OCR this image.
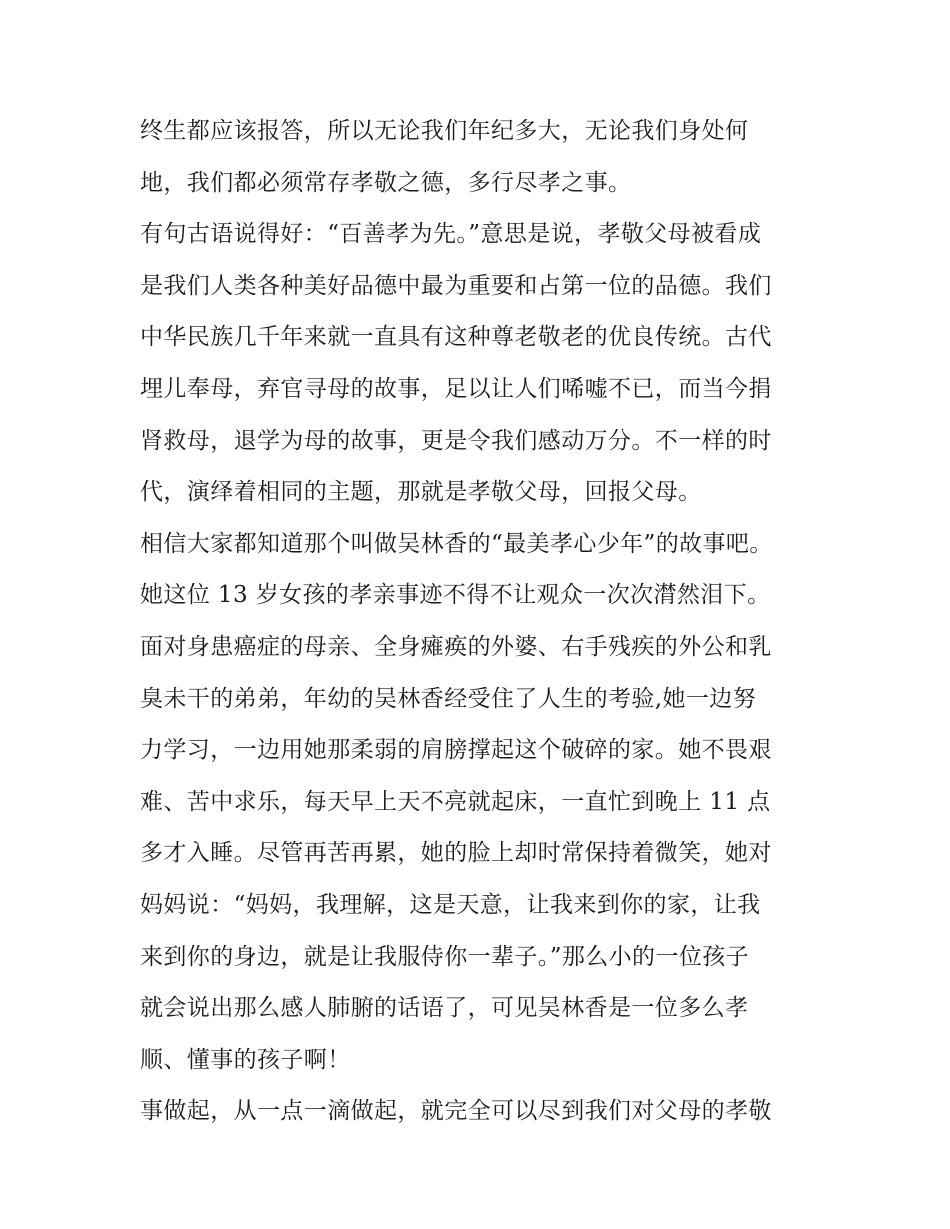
终生都应该报答，所以无论我们年纪多大，无论我们身处何
地，我们都必须常存孝敬之德，多行尽孝之事。
有句古语说得好：“百善孝为先。”意思是说，孝敬父母被看成
是我们人类各种美好品德中最为重要和占第一位的品德。我们
中华民族几千年来就一直具有这种尊老敬老的优良传统。古代
埋儿奉母，弃官寻母的故事，足以让人们唏嘘不已，而当今捐
肾救母，退学为母的故事，更是令我们感动万分。不一样的时
代，演绎着相同的主题，那就是孝敬父母，回报父母。
相信大家都知道那个叫做吴林香的“最美孝心少年”的故事吧。
她这位 13 岁女孩的孝亲事迹不得不让观众一次次潸然泪下。
面对身患癌症的母亲、全身瘫痪的外婆、右手残疾的外公和乳
臭未干的弟弟，年幼的吴林香经受住了人生的考验,她一边努
力学习，一边用她那柔弱的肩膀撑起这个破碎的家。她不畏艰
难、苦中求乐，每天早上天不亮就起床，一直忙到晚上 11 点
多才入睡。尽管再苦再累，她的脸上却时常保持着微笑，她对
妈妈说：“妈妈，我理解，这是天意，让我来到你的家，让我
来到你的身边，就是让我服侍你一辈子。”那么小的一位孩子
就会说出那么感人肺腑的话语了，可见吴林香是一位多么孝
顺、懂事的孩子啊！
事做起，从一点一滴做起，就完全可以尽到我们对父母的孝敬
